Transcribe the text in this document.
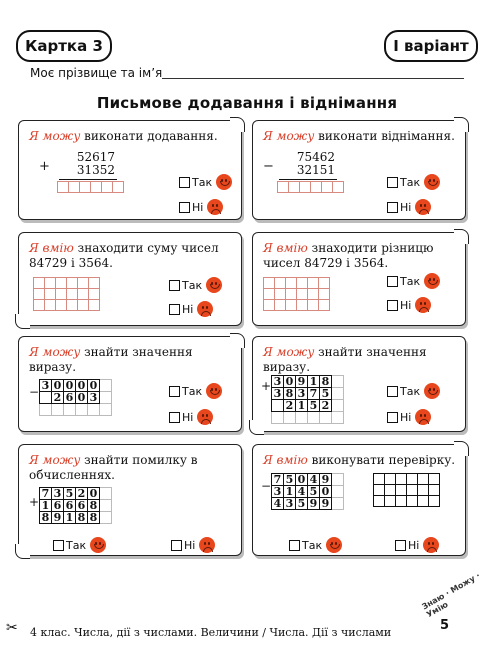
Картка 3	І варіант
Моє прізвище та ім’я
Письмове додавання і віднімання
Я можу виконати додавання.
+
52617
31352

Так
Ні
Я можу виконати віднімання.
−
75462
32151

Так
Ні
Я вмію знаходити суму чисел
84729 і 3564.

Так
Ні
Я вмію знаходити різницю
чисел 84729 і 3564.

Так
Ні
Я можу знайти значення
виразу.
− 3	0	0	0	0	
	2	6	0	3	
						Так
Ні
Я можу знайти значення
виразу.
+ 3	0	9	1	8	
3	8	3	7	5	
	2	1	5	2	

Так
Ні
Я можу знайти помилку в
обчисленнях.
+
7	3	5	2	0	
1	6	6	6	8	
8	9	1	8	8	
Так	Ні
Я вмію виконувати перевірку.
− 7	5	0	4	9	
3	1	4	5	0	
4	3	5	9	9	

Так	Ні
✂ 4 клас. Числа, дії з числами. Величини / Числа. Дії з числами
Знаю · Можу · Умію
5
